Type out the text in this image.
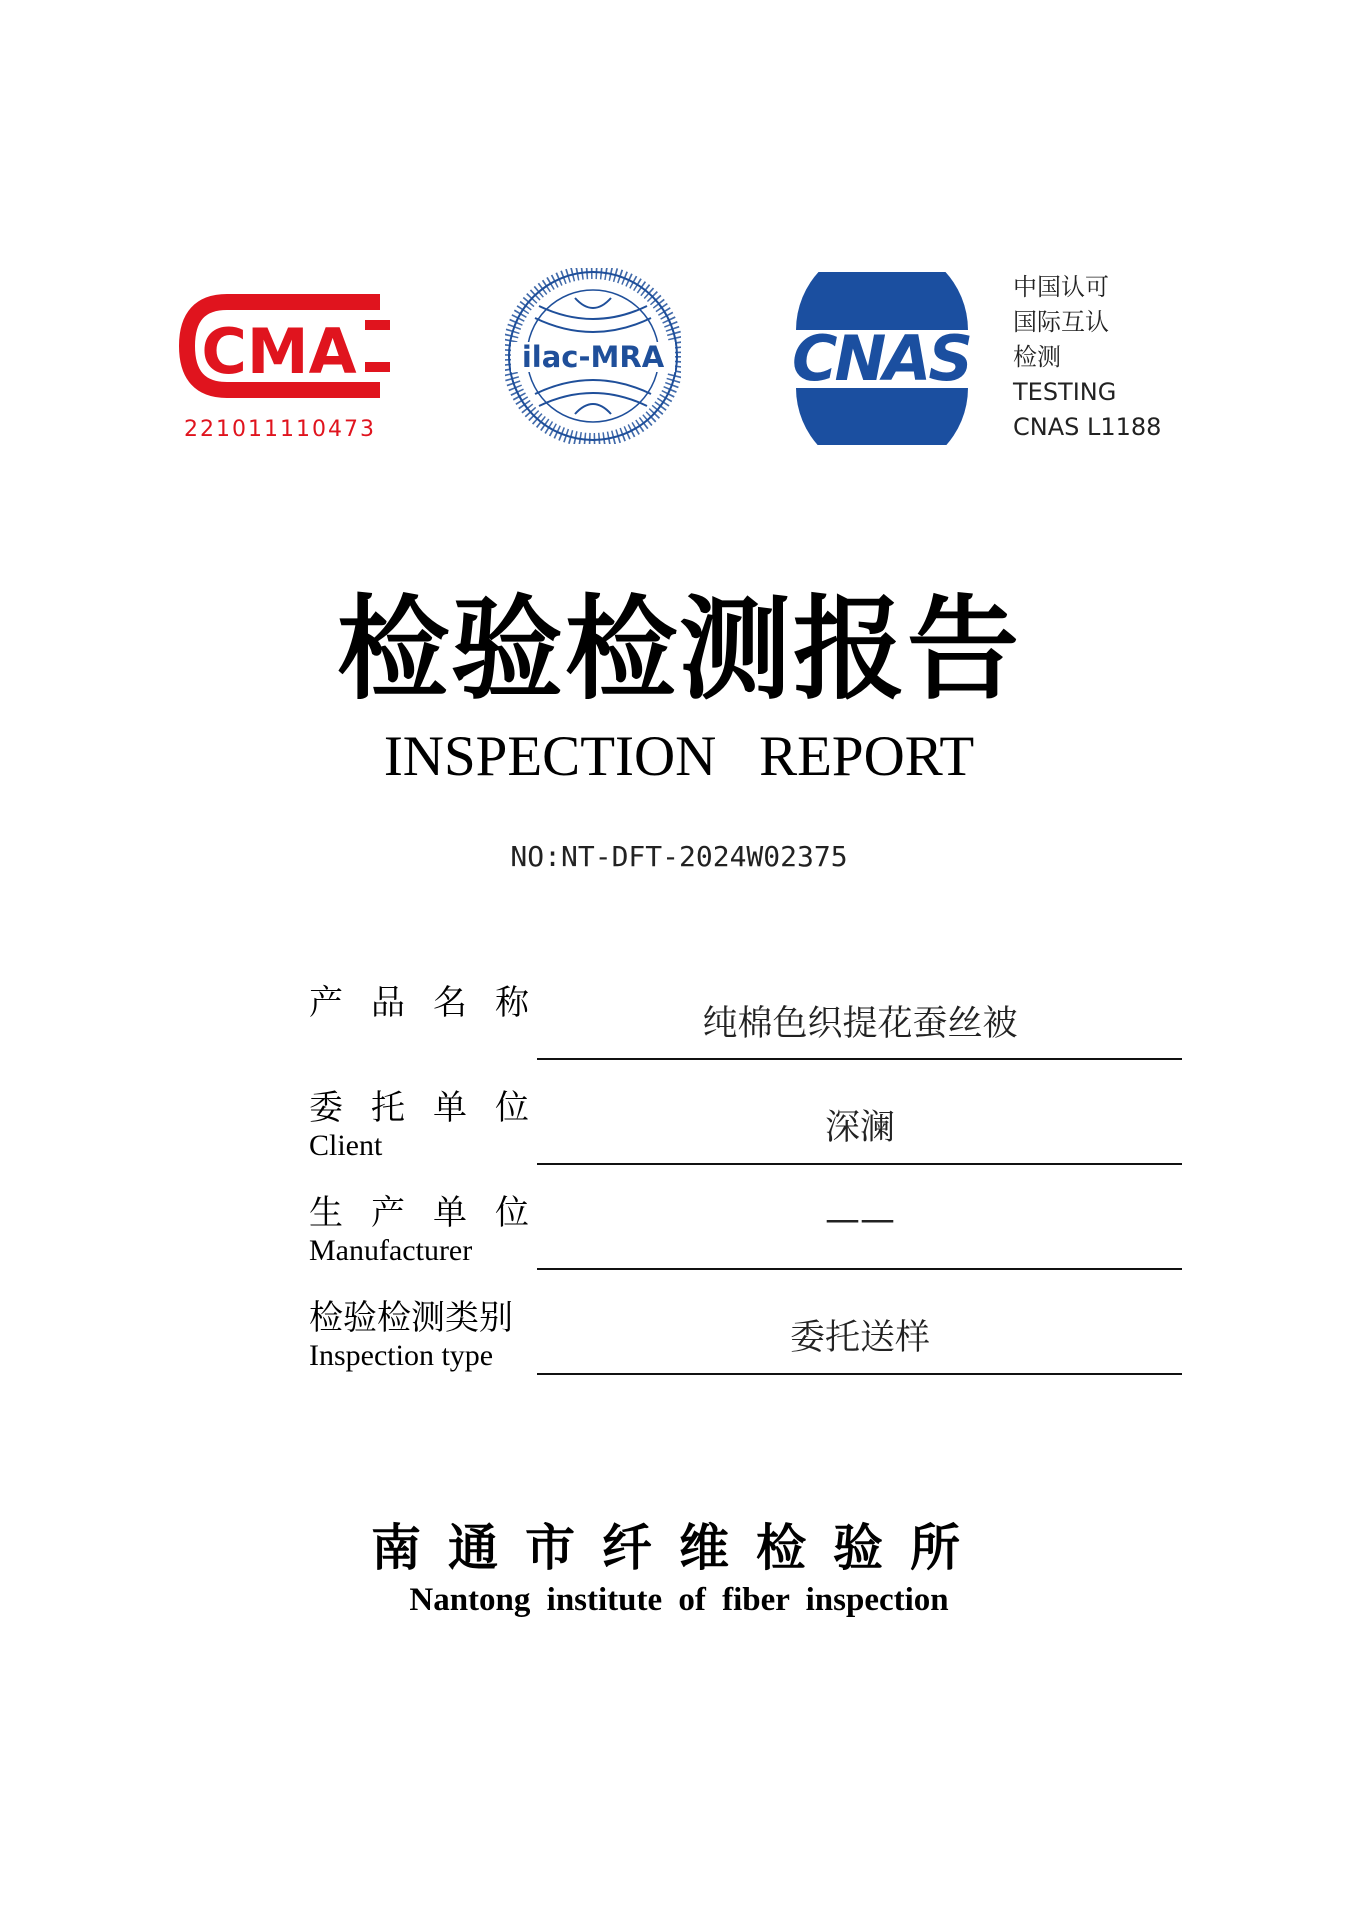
CMA
221011110473
ilac-MRA CNAS
中国认可
国际互认
检测
TESTING
CNAS L1188
检验检测报告
INSPECTION   REPORT
NO:NT-DFT-2024W02375
产品名称
纯棉色织提花蚕丝被
委托单位
Client	深澜
生产单位
Manufacturer
——
检验检测类别
Inspection type	委托送样
南通市纤维检验所
Nantong institute of fiber inspection
